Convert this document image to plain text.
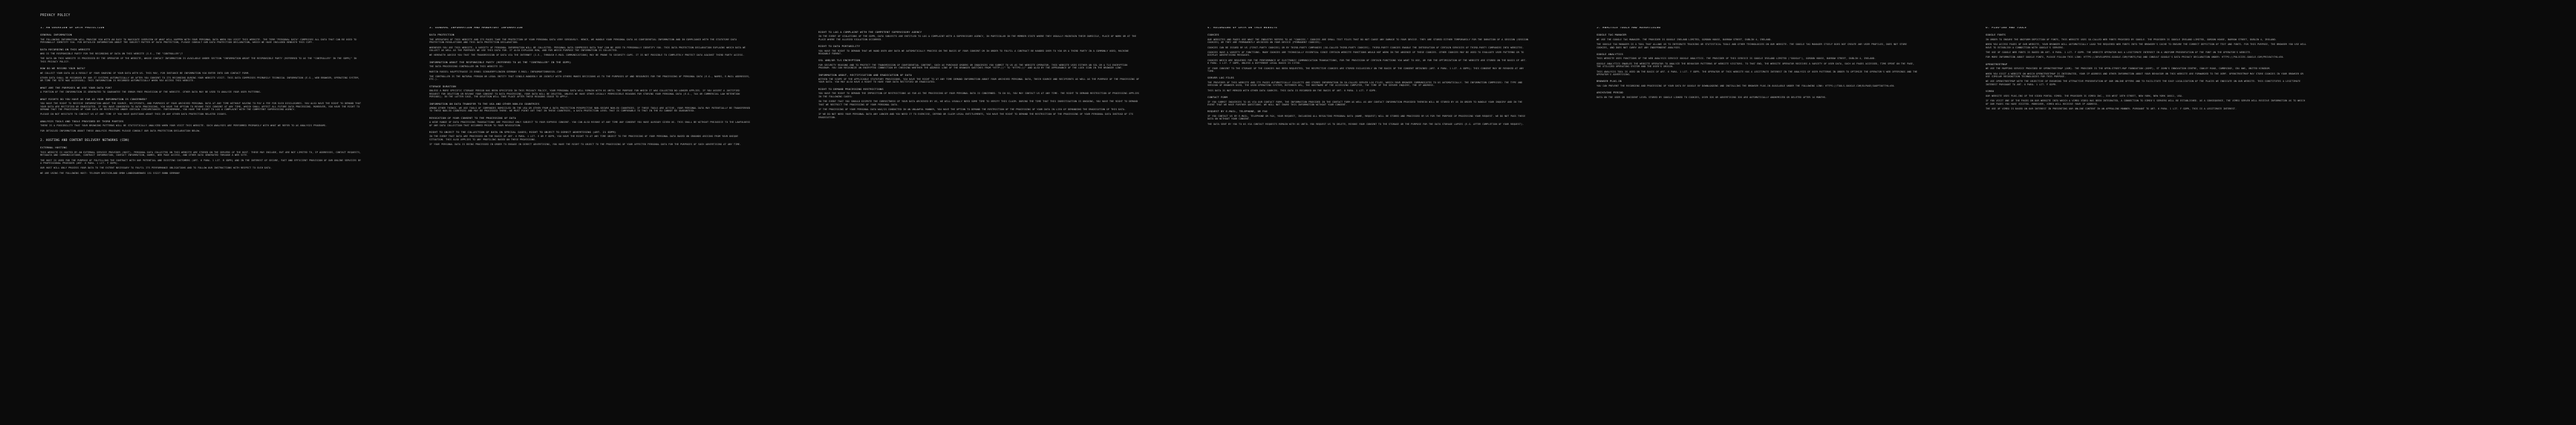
PRIVACY POLICY
1. AN OVERVIEW OF DATA PROTECTION
GENERAL INFORMATION
THE FOLLOWING INFORMATION WILL PROVIDE YOU WITH AN EASY TO NAVIGATE OVERVIEW OF WHAT WILL HAPPEN WITH YOUR PERSONAL DATA WHEN YOU VISIT THIS WEBSITE. THE TERM "PERSONAL DATA" COMPRISES ALL DATA THAT CAN BE USED TO PERSONALLY IDENTIFY YOU. FOR DETAILED INFORMATION ABOUT THE SUBJECT MATTER OF DATA PROTECTION, PLEASE CONSULT OUR DATA PROTECTION DECLARATION, WHICH WE HAVE INCLUDED BENEATH THIS COPY.
DATA RECORDING ON THIS WEBSITE
WHO IS THE RESPONSIBLE PARTY FOR THE RECORDING OF DATA ON THIS WEBSITE (I.E., THE "CONTROLLER")?
THE DATA ON THIS WEBSITE IS PROCESSED BY THE OPERATOR OF THE WEBSITE, WHOSE CONTACT INFORMATION IS AVAILABLE UNDER SECTION "INFORMATION ABOUT THE RESPONSIBLE PARTY (REFERRED TO AS THE "CONTROLLER" IN THE GDPR)" IN THIS PRIVACY POLICY.
HOW DO WE RECORD YOUR DATA?
WE COLLECT YOUR DATA AS A RESULT OF YOUR SHARING OF YOUR DATA WITH US. THIS MAY, FOR INSTANCE BE INFORMATION YOU ENTER INTO OUR CONTACT FORM.
OTHER DATA SHALL BE RECORDED BY OUR IT SYSTEMS AUTOMATICALLY OR AFTER YOU CONSENT TO ITS RECORDING DURING YOUR WEBSITE VISIT. THIS DATA COMPRISES PRIMARILY TECHNICAL INFORMATION (E.G., WEB BROWSER, OPERATING SYSTEM, OR TIME THE SITE WAS ACCESSED). THIS INFORMATION IS RECORDED AUTOMATICALLY WHEN YOU ACCESS THIS WEBSITE.
WHAT ARE THE PURPOSES WE USE YOUR DATA FOR?
A PORTION OF THE INFORMATION IS GENERATED TO GUARANTEE THE ERROR FREE PROVISION OF THE WEBSITE. OTHER DATA MAY BE USED TO ANALYZE YOUR USER PATTERNS.
WHAT RIGHTS DO YOU HAVE AS FAR AS YOUR INFORMATION IS CONCERNED?
YOU HAVE THE RIGHT TO RECEIVE INFORMATION ABOUT THE SOURCE, RECIPIENTS, AND PURPOSES OF YOUR ARCHIVED PERSONAL DATA AT ANY TIME WITHOUT HAVING TO PAY A FEE FOR SUCH DISCLOSURES. YOU ALSO HAVE THE RIGHT TO DEMAND THAT YOUR DATA ARE RECTIFIED OR ERADICATED. IF YOU HAVE CONSENTED TO DATA PROCESSING, YOU HAVE THE OPTION TO REVOKE THIS CONSENT AT ANY TIME, WHICH SHALL AFFECT ALL FUTURE DATA PROCESSING. MOREOVER, YOU HAVE THE RIGHT TO DEMAND THAT THE PROCESSING OF YOUR DATA BE RESTRICTED UNDER CERTAIN CIRCUMSTANCES. FURTHERMORE, YOU HAVE THE RIGHT TO LOG A COMPLAINT WITH THE COMPETENT SUPERVISING AGENCY.
PLEASE DO NOT HESITATE TO CONTACT US AT ANY TIME IF YOU HAVE QUESTIONS ABOUT THIS OR ANY OTHER DATA PROTECTION RELATED ISSUES.
ANALYSIS TOOLS AND TOOLS PROVIDED BY THIRD PARTIES
THERE IS A POSSIBILITY THAT YOUR BROWSING PATTERNS WILL BE STATISTICALLY ANALYZED WHEN YOUR VISIT THIS WEBSITE. SUCH ANALYSES ARE PERFORMED PRIMARILY WITH WHAT WE REFER TO AS ANALYSIS PROGRAMS.
FOR DETAILED INFORMATION ABOUT THESE ANALYSIS PROGRAMS PLEASE CONSULT OUR DATA PROTECTION DECLARATION BELOW.
2. HOSTING AND CONTENT DELIVERY NETWORKS (CDN)
EXTERNAL HOSTING
THIS WEBSITE IS HOSTED BY AN EXTERNAL SERVICE PROVIDER (HOST). PERSONAL DATA COLLECTED ON THIS WEBSITE ARE STORED ON THE SERVERS OF THE HOST. THESE MAY INCLUDE, BUT ARE NOT LIMITED TO, IP ADDRESSES, CONTACT REQUESTS, METADATA AND COMMUNICATIONS, CONTRACT INFORMATION, CONTACT INFORMATION, NAMES, WEB PAGE ACCESS, AND OTHER DATA GENERATED THROUGH A WEB SITE.
THE HOST IS USED FOR THE PURPOSE OF FULFILLING THE CONTRACT WITH OUR POTENTIAL AND EXISTING CUSTOMERS (ART. 6 PARA. 1 LIT. B GDPR) AND IN THE INTEREST OF SECURE, FAST AND EFFICIENT PROVISION OF OUR ONLINE SERVICES BY A PROFESSIONAL PROVIDER (ART. 6 PARA. 1 LIT. F GDPR).
OUR HOST WILL ONLY PROCESS YOUR DATA TO THE EXTENT NECESSARY TO FULFIL ITS PERFORMANCE OBLIGATIONS AND TO FOLLOW OUR INSTRUCTIONS WITH RESPECT TO SUCH DATA.
WE ARE USING THE FOLLOWING HOST: TELEKOM DEUTSCHLAND GMBH LANDGRABENWEG 151 53227 BONN GERMANY
3. GENERAL INFORMATION AND MANDATORY INFORMATION
DATA PROTECTION
THE OPERATORS OF THIS WEBSITE AND ITS PAGES TAKE THE PROTECTION OF YOUR PERSONAL DATA VERY SERIOUSLY. HENCE, WE HANDLE YOUR PERSONAL DATA AS CONFIDENTIAL INFORMATION AND IN COMPLIANCE WITH THE STATUTORY DATA PROTECTION REGULATIONS AND THIS DATA PROTECTION DECLARATION.
WHENEVER YOU USE THIS WEBSITE, A VARIETY OF PERSONAL INFORMATION WILL BE COLLECTED. PERSONAL DATA COMPRISES DATA THAT CAN BE USED TO PERSONALLY IDENTIFY YOU. THIS DATA PROTECTION DECLARATION EXPLAINS WHICH DATA WE COLLECT AS WELL AS THE PURPOSES WE USE THIS DATA FOR. IT ALSO EXPLAINS HOW, AND FOR WHICH PURPOSE THE INFORMATION IS COLLECTED.
WE HEREWITH ADVISE YOU THAT THE TRANSMISSION OF DATA VIA THE INTERNET (I.E., THROUGH E-MAIL COMMUNICATIONS) MAY BE PRONE TO SECURITY GAPS. IT IS NOT POSSIBLE TO COMPLETELY PROTECT DATA AGAINST THIRD PARTY ACCESS.
INFORMATION ABOUT THE RESPONSIBLE PARTY (REFERRED TO AS THE "CONTROLLER" IN THE GDPR)
THE DATA PROCESSING CONTROLLER ON THIS WEBSITE IS:
MARTIN ROSSEL HAUPTSTRASSE 23 89081 SCHNUERPFLINGEN GERMANY E-MAIL: INFO@MARTINROSSEL.COM
THE CONTROLLER IS THE NATURAL PERSON OR LEGAL ENTITY THAT SINGLE-HANDEDLY OR JOINTLY WITH OTHERS MAKES DECISIONS AS TO THE PURPOSES OF AND RESOURCES FOR THE PROCESSING OF PERSONAL DATA (E.G., NAMES, E-MAIL ADDRESSES, ETC.).
STORAGE DURATION
UNLESS A MORE SPECIFIC STORAGE PERIOD HAS BEEN SPECIFIED IN THIS PRIVACY POLICY, YOUR PERSONAL DATA WILL REMAIN WITH US UNTIL THE PURPOSE FOR WHICH IT WAS COLLECTED NO LONGER APPLIES. IF YOU ASSERT A JUSTIFIED REQUEST FOR DELETION OR REVOKE YOUR CONSENT TO DATA PROCESSING, YOUR DATA WILL BE DELETED, UNLESS WE HAVE OTHER LEGALLY PERMISSIBLE REASONS FOR STORING YOUR PERSONAL DATA (E.G., TAX OR COMMERCIAL LAW RETENTION PERIODS); IN THE LATTER CASE, THE DELETION WILL TAKE PLACE AFTER THESE REASONS CEASE TO APPLY.
INFORMATION ON DATA TRANSFER TO THE USA AND OTHER NON-EU COUNTRIES
AMONG OTHER THINGS, WE USE TOOLS OF COMPANIES DOMICILED IN THE USA OR OTHER FROM A DATA PROTECTION PERSPECTIVE NON-SECURE NON-EU COUNTRIES. IF THESE TOOLS ARE ACTIVE, YOUR PERSONAL DATA MAY POTENTIALLY BE TRANSFERRED TO THESE NON-EU COUNTRIES AND MAY BE PROCESSED THERE. WE MUST POINT OUT THAT IN THESE COUNTRIES, A DATA PROTECTION LEVEL THAT IS COMPARABLE TO THAT IN THE EU CANNOT BE GUARANTEED.
REVOCATION OF YOUR CONSENT TO THE PROCESSING OF DATA
A WIDE RANGE OF DATA PROCESSING TRANSACTIONS ARE POSSIBLE ONLY SUBJECT TO YOUR EXPRESS CONSENT. YOU CAN ALSO REVOKE AT ANY TIME ANY CONSENT YOU HAVE ALREADY GIVEN US. THIS SHALL BE WITHOUT PREJUDICE TO THE LAWFULNESS OF ANY DATA COLLECTION THAT OCCURRED PRIOR TO YOUR REVOCATION.
RIGHT TO OBJECT TO THE COLLECTION OF DATA IN SPECIAL CASES; RIGHT TO OBJECT TO DIRECT ADVERTISING (ART. 21 GDPR)
IN THE EVENT THAT DATA ARE PROCESSED ON THE BASIS OF ART. 6 PARA. 1 LIT. E OR F GDPR, YOU HAVE THE RIGHT TO AT ANY TIME OBJECT TO THE PROCESSING OF YOUR PERSONAL DATA BASED ON GROUNDS ARISING FROM YOUR UNIQUE SITUATION. THIS ALSO APPLIES TO ANY PROFILING BASED ON THESE PROVISIONS.
IF YOUR PERSONAL DATA IS BEING PROCESSED IN ORDER TO ENGAGE IN DIRECT ADVERTISING, YOU HAVE THE RIGHT TO OBJECT TO THE PROCESSING OF YOUR AFFECTED PERSONAL DATA FOR THE PURPOSES OF SUCH ADVERTISING AT ANY TIME.
RIGHT TO LOG A COMPLAINT WITH THE COMPETENT SUPERVISORY AGENCY
IN THE EVENT OF VIOLATIONS OF THE GDPR, DATA SUBJECTS ARE ENTITLED TO LOG A COMPLAINT WITH A SUPERVISORY AGENCY, IN PARTICULAR IN THE MEMBER STATE WHERE THEY USUALLY MAINTAIN THEIR DOMICILE, PLACE OF WORK OR AT THE PLACE WHERE THE ALLEGED VIOLATION OCCURRED.
RIGHT TO DATA PORTABILITY
YOU HAVE THE RIGHT TO DEMAND THAT WE HAND OVER ANY DATA WE AUTOMATICALLY PROCESS ON THE BASIS OF YOUR CONSENT OR IN ORDER TO FULFIL A CONTRACT BE HANDED OVER TO YOU OR A THIRD PARTY IN A COMMONLY USED, MACHINE READABLE FORMAT.
SSL AND/OR TLS ENCRYPTION
FOR SECURITY REASONS AND TO PROTECT THE TRANSMISSION OF CONFIDENTIAL CONTENT, SUCH AS PURCHASE ORDERS OR INQUIRIES YOU SUBMIT TO US AS THE WEBSITE OPERATOR, THIS WEBSITE USES EITHER AN SSL OR A TLS ENCRYPTION PROGRAM. YOU CAN RECOGNIZE AN ENCRYPTED CONNECTION BY CHECKING WHETHER THE ADDRESS LINE OF THE BROWSER SWITCHES FROM "HTTP://" TO "HTTPS://" AND ALSO BY THE APPEARANCE OF THE LOCK ICON IN THE BROWSER LINE.
INFORMATION ABOUT, RECTIFICATION AND ERADICATION OF DATA
WITHIN THE SCOPE OF THE APPLICABLE STATUTORY PROVISIONS, YOU HAVE THE RIGHT TO AT ANY TIME DEMAND INFORMATION ABOUT YOUR ARCHIVED PERSONAL DATA, THEIR SOURCE AND RECIPIENTS AS WELL AS THE PURPOSE OF THE PROCESSING OF YOUR DATA. YOU MAY ALSO HAVE A RIGHT TO HAVE YOUR DATA RECTIFIED OR ERADICATED.
RIGHT TO DEMAND PROCESSING RESTRICTIONS
YOU HAVE THE RIGHT TO DEMAND THE IMPOSITION OF RESTRICTIONS AS FAR AS THE PROCESSING OF YOUR PERSONAL DATA IS CONCERNED. TO DO SO, YOU MAY CONTACT US AT ANY TIME. THE RIGHT TO DEMAND RESTRICTION OF PROCESSING APPLIES IN THE FOLLOWING CASES:
IN THE EVENT THAT YOU SHOULD DISPUTE THE CORRECTNESS OF YOUR DATA ARCHIVED BY US, WE WILL USUALLY NEED SOME TIME TO VERIFY THIS CLAIM. DURING THE TIME THAT THIS INVESTIGATION IS ONGOING, YOU HAVE THE RIGHT TO DEMAND THAT WE RESTRICT THE PROCESSING OF YOUR PERSONAL DATA.
IF THE PROCESSING OF YOUR PERSONAL DATA WAS/IS CONDUCTED IN AN UNLAWFUL MANNER, YOU HAVE THE OPTION TO DEMAND THE RESTRICTION OF THE PROCESSING OF YOUR DATA IN LIEU OF DEMANDING THE ERADICATION OF THIS DATA.
IF WE DO NOT NEED YOUR PERSONAL DATA ANY LONGER AND YOU NEED IT TO EXERCISE, DEFEND OR CLAIM LEGAL ENTITLEMENTS, YOU HAVE THE RIGHT TO DEMAND THE RESTRICTION OF THE PROCESSING OF YOUR PERSONAL DATA INSTEAD OF ITS ERADICATION.
4. RECORDING OF DATA ON THIS WEBSITE
COOKIES
OUR WEBSITES AND PAGES USE WHAT THE INDUSTRY REFERS TO AS "COOKIES." COOKIES ARE SMALL TEXT FILES THAT DO NOT CAUSE ANY DAMAGE TO YOUR DEVICE. THEY ARE STORED EITHER TEMPORARILY FOR THE DURATION OF A SESSION (SESSION COOKIES) OR THEY ARE PERMANENTLY ARCHIVED ON YOUR DEVICE (PERMANENT COOKIES).
COOKIES CAN BE ISSUED BY US (FIRST-PARTY COOKIES) OR BY THIRD-PARTY COMPANIES (SO-CALLED THIRD-PARTY COOKIES). THIRD-PARTY COOKIES ENABLE THE INTEGRATION OF CERTAIN SERVICES OF THIRD-PARTY COMPANIES INTO WEBSITES.
COOKIES HAVE A VARIETY OF FUNCTIONS. MANY COOKIES ARE TECHNICALLY ESSENTIAL SINCE CERTAIN WEBSITE FUNCTIONS WOULD NOT WORK IN THE ABSENCE OF THESE COOKIES. OTHER COOKIES MAY BE USED TO EVALUATE USER PATTERNS OR TO DISPLAY ADVERTISING MESSAGES.
COOKIES WHICH ARE REQUIRED FOR THE PERFORMANCE OF ELECTRONIC COMMUNICATION TRANSACTIONS, FOR THE PROVISION OF CERTAIN FUNCTIONS YOU WANT TO USE, OR FOR THE OPTIMIZATION OF THE WEBSITE ARE STORED ON THE BASIS OF ART. 6 PARA. 1 LIT. F GDPR, UNLESS A DIFFERENT LEGAL BASIS IS CITED.
IF YOUR CONSENT TO THE STORAGE OF THE COOKIES HAS BEEN REQUESTED, THE RESPECTIVE COOKIES ARE STORED EXCLUSIVELY ON THE BASIS OF THE CONSENT OBTAINED (ART. 6 PARA. 1 LIT. A GDPR); THIS CONSENT MAY BE REVOKED AT ANY TIME.
SERVER LOG FILES
THE PROVIDER OF THIS WEBSITE AND ITS PAGES AUTOMATICALLY COLLECTS AND STORES INFORMATION IN SO-CALLED SERVER LOG FILES, WHICH YOUR BROWSER COMMUNICATES TO US AUTOMATICALLY. THE INFORMATION COMPRISES: THE TYPE AND VERSION OF BROWSER USED, THE USED OPERATING SYSTEM, REFERRER URL, THE HOSTNAME OF THE ACCESSING COMPUTER, THE TIME OF THE SERVER INQUIRY, THE IP ADDRESS.
THIS DATA IS NOT MERGED WITH OTHER DATA SOURCES. THIS DATA IS RECORDED ON THE BASIS OF ART. 6 PARA. 1 LIT. F GDPR.
CONTACT FORM
IF YOU SUBMIT INQUIRIES TO US VIA OUR CONTACT FORM, THE INFORMATION PROVIDED IN THE CONTACT FORM AS WELL AS ANY CONTACT INFORMATION PROVIDED THEREIN WILL BE STORED BY US IN ORDER TO HANDLE YOUR INQUIRY AND IN THE EVENT THAT WE HAVE FURTHER QUESTIONS. WE WILL NOT SHARE THIS INFORMATION WITHOUT YOUR CONSENT.
REQUEST BY E-MAIL, TELEPHONE, OR FAX
IF YOU CONTACT US BY E-MAIL, TELEPHONE OR FAX, YOUR REQUEST, INCLUDING ALL RESULTING PERSONAL DATA (NAME, REQUEST) WILL BE STORED AND PROCESSED BY US FOR THE PURPOSE OF PROCESSING YOUR REQUEST. WE DO NOT PASS THESE DATA ON WITHOUT YOUR CONSENT.
THE DATA SENT BY YOU TO US VIA CONTACT REQUESTS REMAIN WITH US UNTIL YOU REQUEST US TO DELETE, REVOKE YOUR CONSENT TO THE STORAGE OR THE PURPOSE FOR THE DATA STORAGE LAPSES (E.G. AFTER COMPLETION OF YOUR REQUEST).
5. ANALYSIS TOOLS AND ADVERTISING
GOOGLE TAG MANAGER
WE USE THE GOOGLE TAG MANAGER. THE PROVIDER IS GOOGLE IRELAND LIMITED, GORDON HOUSE, BARROW STREET, DUBLIN 4, IRELAND.
THE GOOGLE TAG MANAGER IS A TOOL THAT ALLOWS US TO INTEGRATE TRACKING OR STATISTICAL TOOLS AND OTHER TECHNOLOGIES ON OUR WEBSITE. THE GOOGLE TAG MANAGER ITSELF DOES NOT CREATE ANY USER PROFILES, DOES NOT STORE COOKIES, AND DOES NOT CARRY OUT ANY INDEPENDENT ANALYSES.
GOOGLE ANALYTICS
THIS WEBSITE USES FUNCTIONS OF THE WEB ANALYSIS SERVICE GOOGLE ANALYTICS. THE PROVIDER OF THIS SERVICE IS GOOGLE IRELAND LIMITED ("GOOGLE"), GORDON HOUSE, BARROW STREET, DUBLIN 4, IRELAND.
GOOGLE ANALYTICS ENABLES THE WEBSITE OPERATOR TO ANALYZE THE BEHAVIOR PATTERNS OF WEBSITE VISITORS. TO THAT END, THE WEBSITE OPERATOR RECEIVES A VARIETY OF USER DATA, SUCH AS PAGES ACCESSED, TIME SPENT ON THE PAGE, THE UTILIZED OPERATING SYSTEM AND THE USER'S ORIGIN.
THIS ANALYSIS TOOL IS USED ON THE BASIS OF ART. 6 PARA. 1 LIT. F GDPR. THE OPERATOR OF THIS WEBSITE HAS A LEGITIMATE INTEREST IN THE ANALYSIS OF USER PATTERNS IN ORDER TO OPTIMIZE THE OPERATOR'S WEB OFFERINGS AND THE OPERATOR'S ADVERTISING.
BROWSER PLUG-IN
YOU CAN PREVENT THE RECORDING AND PROCESSING OF YOUR DATA BY GOOGLE BY DOWNLOADING AND INSTALLING THE BROWSER PLUG-IN AVAILABLE UNDER THE FOLLOWING LINK: HTTPS://TOOLS.GOOGLE.COM/DLPAGE/GAOPTOUT?HL=EN.
ARCHIVING PERIOD
DATA ON THE USER OR INCIDENT LEVEL STORED BY GOOGLE LINKED TO COOKIES, USER IDS OR ADVERTISING IDS ARE AUTOMATICALLY ANONYMIZED OR DELETED AFTER 14 MONTHS.
6. PLUG-INS AND TOOLS
GOOGLE FONTS
IN ORDER TO ENSURE THE UNIFORM DEPICTION OF FONTS, THIS WEBSITE USES SO-CALLED WEB FONTS PROVIDED BY GOOGLE. THE PROVIDER IS GOOGLE IRELAND LIMITED, GORDON HOUSE, BARROW STREET, DUBLIN 4, IRELAND.
WHEN YOU ACCESS PAGES OF OUR WEBSITE, YOUR BROWSER WILL AUTOMATICALLY LOAD THE REQUIRED WEB FONTS INTO THE BROWSER'S CACHE TO ENSURE THE CORRECT DEPICTION OF TEXT AND FONTS. FOR THIS PURPOSE, THE BROWSER YOU USE WILL HAVE TO ESTABLISH A CONNECTION WITH GOOGLE'S SERVERS.
THE USE OF GOOGLE WEB FONTS IS BASED ON ART. 6 PARA. 1 LIT. F GDPR. THE WEBSITE OPERATOR HAS A LEGITIMATE INTEREST IN A UNIFORM PRESENTATION OF THE FONT ON THE OPERATOR'S WEBSITE.
FOR MORE INFORMATION ABOUT GOOGLE FONTS, PLEASE FOLLOW THIS LINK: HTTPS://DEVELOPERS.GOOGLE.COM/FONTS/FAQ AND CONSULT GOOGLE'S DATA PRIVACY DECLARATION UNDER: HTTPS://POLICIES.GOOGLE.COM/PRIVACY?HL=EN.
OPENSTREETMAP
WE USE THE MAPPING SERVICE PROVIDED BY OPENSTREETMAP (OSM). THE PROVIDER IS THE OPEN-STREET-MAP FOUNDATION (OSMF), ST JOHN'S INNOVATION CENTRE, COWLEY ROAD, CAMBRIDGE, CB4 0WS, UNITED KINGDOM.
WHEN YOU VISIT A WEBSITE ON WHICH OPENSTREETMAP IS INTEGRATED, YOUR IP ADDRESS AND OTHER INFORMATION ABOUT YOUR BEHAVIOR ON THIS WEBSITE ARE FORWARDED TO THE OSMF. OPENSTREETMAP MAY STORE COOKIES IN YOUR BROWSER OR USE SIMILAR RECOGNITION TECHNOLOGIES FOR THIS PURPOSE.
WE USE OPENSTREETMAP WITH THE OBJECTIVE OF ENSURING THE ATTRACTIVE PRESENTATION OF OUR ONLINE OFFERS AND TO FACILITATE THE EASY LOCALIZATION OF THE PLACES WE INDICATE ON OUR WEBSITE. THIS CONSTITUTES A LEGITIMATE INTEREST PURSUANT TO ART. 6 PARA. 1 LIT. F GDPR.
VIMEO
OUR WEBSITE USES PLUG-INS OF THE VIDEO PORTAL VIMEO. THE PROVIDER IS VIMEO INC., 555 WEST 18TH STREET, NEW YORK, NEW YORK 10011, USA.
IF YOU VISIT ONE OF THE PAGES ON OUR WEBSITE INTO WHICH A VIMEO VIDEO HAS BEEN INTEGRATED, A CONNECTION TO VIMEO'S SERVERS WILL BE ESTABLISHED. AS A CONSEQUENCE, THE VIMEO SERVER WILL RECEIVE INFORMATION AS TO WHICH OF OUR PAGES YOU HAVE VISITED. MOREOVER, VIMEO WILL RECEIVE YOUR IP ADDRESS.
THE USE OF VIMEO IS BASED ON OUR INTEREST IN PRESENTING OUR ONLINE CONTENT IN AN APPEALING MANNER. PURSUANT TO ART. 6 PARA. 1 LIT. F GDPR, THIS IS A LEGITIMATE INTEREST.
